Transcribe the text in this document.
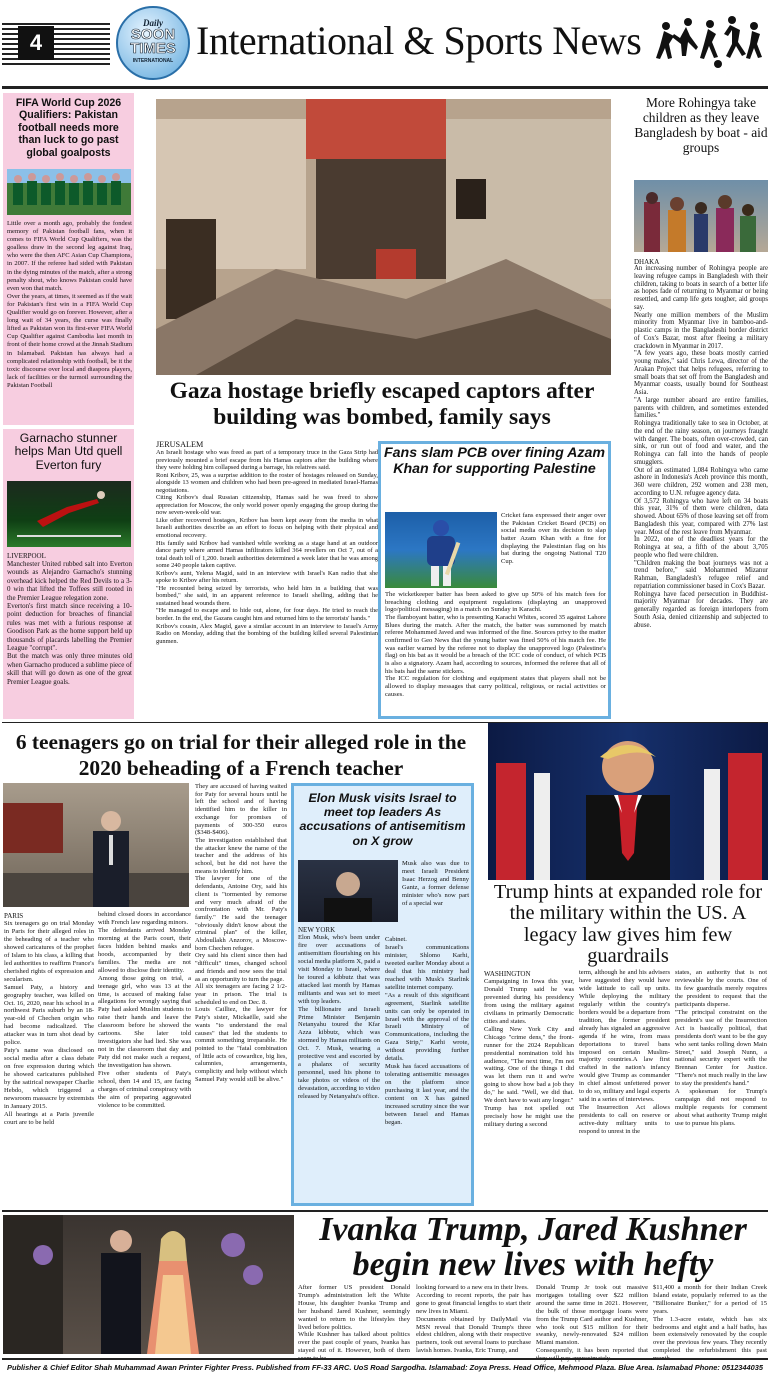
4
Daily
SOON
TIMES
INTERNATIONAL International & Sports News
FIFA World Cup 2026 Qualifiers: Pakistan football needs more than luck to go past global goalposts
Little over a month ago, probably the fondest memory of Pakistan football fans, when it comes to FIFA World Cup Qualifiers, was the goalless draw in the second leg against Iraq, who were the then AFC Asian Cup Champions, in 2007. If the referee had sided with Pakistan in the dying minutes of the match, after a strong penalty shout, who knows Pakistan could have even won that match.
Over the years, at times, it seemed as if the wait for Pakistan's first win in a FIFA World Cup Qualifier would go on forever. However, after a long wait of 34 years, the curse was finally lifted as Pakistan won its first-ever FIFA World Cup Qualifier against Cambodia last month in front of their home crowd at the Jinnah Stadium in Islamabad. Pakistan has always had a complicated relationship with football, be it the toxic discourse over local and diaspora players, lack of facilities or the turmoil surrounding the Pakistan Football
Garnacho stunner helps Man Utd quell Everton fury
LIVERPOOL
Manchester United rubbed salt into Everton wounds as Alejandro Garnacho's stunning overhead kick helped the Red Devils to a 3-0 win that lifted the Toffees still rooted in the Premier League relegation zone.
Everton's first match since receiving a 10-point deduction for breaches of financial rules was met with a furious response at Goodison Park as the home support held up thousands of placards labelling the Premier League "corrupt".
But the match was only three minutes old when Garnacho produced a sublime piece of skill that will go down as one of the great Premier League goals.
Gaza hostage briefly escaped captors after building was bombed, family says
JERUSALEM
An Israeli hostage who was freed as part of a temporary truce in the Gaza Strip had previously mounted a brief escape from his Hamas captors after the building where they were holding him collapsed during a barrage, his relatives said.
Roni Kribov, 25, was a surprise addition to the roster of hostages released on Sunday, alongside 13 women and children who had been pre-agreed in mediated Israel-Hamas negotiations.
Citing Kribov's dual Russian citizenship, Hamas said he was freed to show appreciation for Moscow, the only world power openly engaging the group during the now seven-week-old war.
Like other recovered hostages, Kribov has been kept away from the media in what Israeli authorities describe as an effort to focus on helping with their physical and emotional recovery.
His family said Kribov had vanished while working as a stage hand at an outdoor dance party where armed Hamas infiltrators killed 364 revellers on Oct 7, out of a total death toll of 1,200. Israeli authorities determined a week later that he was among some 240 people taken captive.
Kribov's aunt, Yelena Magid, said in an interview with Israel's Kan radio that she spoke to Kribov after his return.
"He recounted being seized by terrorists, who held him in a building that was bombed," she said, in an apparent reference to Israeli shelling, adding that he sustained head wounds there.
"He managed to escape and to hide out, alone, for four days. He tried to reach the border. In the end, the Gazans caught him and returned him to the terrorists' hands."
Kribov's cousin, Alex Magid, gave a similar account in an interview to Israel's Army Radio on Monday, adding that the bombing of the building killed several Palestinian gunmen.
Fans slam PCB over fining Azam Khan for supporting Palestine
Cricket fans expressed their anger over the Pakistan Cricket Board (PCB) on social media over its decision to slap batter Azam Khan with a fine for displaying the Palestinian flag on his bat during the ongoing National T20 Cup.
The wicketkeeper batter has been asked to give up 50% of his match fees for breaching clothing and equipment regulations (displaying an unapproved logo/political messaging) in a match on Sunday in Karachi.
The flamboyant batter, who is presenting Karachi Whites, scored 35 against Lahore Blues during the match. After the match, the batter was summoned by match referee Mohammed Javed and was informed of the fine. Sources privy to the matter confirmed to Geo News that the young batter was fined 50% of his match fee. He was earlier warned by the referee not to display the unapproved logo (Palestine's flag) on his bat as it would be a breach of the ICC code of conduct, of which PCB is also a signatory. Azam had, according to sources, informed the referee that all of his bats had the same stickers.
The ICC regulation for clothing and equipment states that players shall not be allowed to display messages that carry political, religious, or racial activities or causes.
More Rohingya take children as they leave Bangladesh by boat - aid groups
DHAKA
An increasing number of Rohingya people are leaving refugee camps in Bangladesh with their children, taking to boats in search of a better life as hopes fade of returning to Myanmar or being resettled, and camp life gets tougher, aid groups say.
Nearly one million members of the Muslim minority from Myanmar live in bamboo-and-plastic camps in the Bangladeshi border district of Cox's Bazar, most after fleeing a military crackdown in Myanmar in 2017.
"A few years ago, these boats mostly carried young males," said Chris Lewa, director of the Arakan Project that helps refugees, referring to small boats that set off from the Bangladesh and Myanmar coasts, usually bound for Southeast Asia.
"A large number aboard are entire families, parents with children, and sometimes extended families."
Rohingya traditionally take to sea in October, at the end of the rainy season, on journeys fraught with danger. The boats, often over-crowded, can sink, or run out of food and water, and the Rohingya can fall into the hands of people smugglers.
Out of an estimated 1,084 Rohingya who came ashore in Indonesia's Aceh province this month, 360 were children, 292 women and 238 men, according to U.N. refugee agency data.
Of 3,572 Rohingya who have left on 34 boats this year, 31% of them were children, data showed. About 65% of those leaving set off from Bangladesh this year, compared with 27% last year. Most of the rest leave from Myanmar.
In 2022, one of the deadliest years for the Rohingya at sea, a fifth of the about 3,705 people who fled were children.
"Children making the boat journeys was not a trend before," said Mohammed Mizanur Rahman, Bangladesh's refugee relief and repatriation commissioner based in Cox's Bazar.
Rohingya have faced persecution in Buddhist-majority Myanmar for decades. They are generally regarded as foreign interlopers from South Asia, denied citizenship and subjected to abuse.
6 teenagers go on trial for their alleged role in the 2020 beheading of a French teacher
PARIS
Six teenagers go on trial Monday in Paris for their alleged roles in the beheading of a teacher who showed caricatures of the prophet of Islam to his class, a killing that led authorities to reaffirm France's cherished rights of expression and secularism.
Samuel Paty, a history and geography teacher, was killed on Oct. 16, 2020, near his school in a northwest Paris suburb by an 18-year-old of Chechen origin who had become radicalized. The attacker was in turn shot dead by police.
Paty's name was disclosed on social media after a class debate on free expression during which he showed caricatures published by the satirical newspaper Charlie Hebdo, which triggered a newsroom massacre by extremists in January 2015.
All hearings at a Paris juvenile court are to be held
behind closed doors in accordance with French law regarding minors.
The defendants arrived Monday morning at the Paris court, their faces hidden behind masks and hoods, accompanied by their families. The media are not allowed to disclose their identity.
Among those going on trial, a teenage girl, who was 13 at the time, is accused of making false allegations for wrongly saying that Paty had asked Muslim students to raise their hands and leave the classroom before he showed the cartoons. She later told investigators she had lied. She was not in the classroom that day and Paty did not make such a request, the investigation has shown.
Five other students of Paty's school, then 14 and 15, are facing charges of criminal conspiracy with the aim of preparing aggravated violence to be committed.
They are accused of having waited for Paty for several hours until he left the school and of having identified him to the killer in exchange for promises of payments of 300-350 euros ($348-$406).
The investigation established that the attacker knew the name of the teacher and the address of his school, but he did not have the means to identify him.
The lawyer for one of the defendants, Antoine Ory, said his client is "tormented by remorse and very much afraid of the confrontation with Mr. Paty's family." He said the teenager "obviously didn't know about the criminal plan" of the killer, Abdoullakh Anzorov, a Moscow-born Chechen refugee.
Ory said his client since then had "difficult" times, changed school and friends and now sees the trial as an opportunity to turn the page.
All six teenagers are facing 2 1/2-year in prison. The trial is scheduled to end on Dec. 8.
Louis Cailliez, the lawyer for Paty's sister, Mickaëlle, said she wants "to understand the real causes" that led the students to commit something irreparable. He pointed to the "fatal combination of little acts of cowardice, big lies, calumnies, arrangements, complicity and help without which Samuel Paty would still be alive."
Elon Musk visits Israel to meet top leaders As accusations of antisemitism on X grow
Musk also was due to meet Israeli President Isaac Herzog and Benny Gantz, a former defense minister who's now part of a special war
NEW YORK
Elon Musk, who's been under fire over accusations of antisemitism flourishing on his social media platform X, paid a visit Monday to Israel, where he toured a kibbutz that was attacked last month by Hamas militants and was set to meet with top leaders.
The billionaire and Israeli Prime Minister Benjamin Netanyahu toured the Kfar Azza kibbutz, which was stormed by Hamas militants on Oct. 7. Musk, wearing a protective vest and escorted by a phalanx of security personnel, used his phone to take photos or videos of the devastation, according to video released by Netanyahu's office.
Cabinet.
Israel's communications minister, Shlomo Karhi, tweeted earlier Monday about a deal that his ministry had reached with Musk's Starlink satellite internet company.
"As a result of this significant agreement, Starlink satellite units can only be operated in Israel with the approval of the Israeli Ministry of Communications, including the Gaza Strip," Karhi wrote, without providing further details.
Musk has faced accusations of tolerating antisemitic messages on the platform since purchasing it last year, and the content on X has gained increased scrutiny since the war between Israel and Hamas began.
Trump hints at expanded role for the military within the US. A legacy law gives him few guardrails
WASHINGTON
Campaigning in Iowa this year, Donald Trump said he was prevented during his presidency from using the military against civilians in primarily Democratic cities and states.
Calling New York City and Chicago "crime dens," the front-runner for the 2024 Republican presidential nomination told his audience, "The next time, I'm not waiting. One of the things I did was let them run it and we're going to show how bad a job they do," he said. "Well, we did that. We don't have to wait any longer."
Trump has not spelled out precisely how he might use the military during a second
term, although he and his advisers have suggested they would have wide latitude to call up units. While deploying the military regularly within the country's borders would be a departure from tradition, the former president already has signaled an aggressive agenda if he wins, from mass deportations to travel bans imposed on certain Muslim-majority countries.A law first crafted in the nation's infancy would give Trump as commander in chief almost unfettered power to do so, military and legal experts said in a series of interviews.
The Insurrection Act allows presidents to call on reserve or active-duty military units to respond to unrest in the
states, an authority that is not reviewable by the courts. One of its few guardrails merely requires the president to request that the participants disperse.
"The principal constraint on the president's use of the Insurrection Act is basically political, that presidents don't want to be the guy who sent tanks rolling down Main Street," said Joseph Nunn, a national security expert with the Brennan Center for Justice. "There's not much really in the law to stay the president's hand."
A spokesman for Trump's campaign did not respond to multiple requests for comment about what authority Trump might use to pursue his plans.
Ivanka Trump, Jared Kushner begin new lives with hefty
After former US president Donald Trump's administration left the White House, his daughter Ivanka Trump and her husband Jared Kushner, seemingly wanted to return to the lifestyles they lived before politics.
While Kushner has talked about politics over the past couple of years, Ivanka has stayed out of it. However, both of them
looking forward to a new era in their lives.
According to recent reports, the pair has gone to great financial lengths to start their new lives in Miami.
Documents obtained by DailyMail via MSN reveal that Donald Trump's three eldest children, along with their respective partners, took out several loans to purchase lavish homes. Ivanka, Eric Trump, and
Donald Trump Jr took out massive mortgages totalling over $22 million around the same time in 2021. However, the bulk of those mortgage loans were from the Trump Card author and Kushner, who took out $15 million for their swanky, newly-renovated $24 million Miami mansion.
Consequently, it has been reported that
$11,400 a month for their Indian Creek Island estate, popularly referred to as the "Billionaire Bunker," for a period of 15 years.
The 1.3-acre estate, which has six bedrooms and eight and a half baths, has been extensively renovated by the couple over the previous few years. They recently completed the refurbishment this past
Publisher & Chief Editor Shah Muhammad Awan Printer Fighter Press. Published from FF-33 ARC. UoS Road Sargodha. Islamabad: Zoya Press. Head Office, Mehmood Plaza. Blue Area. Islamabad Phone: 0512344035
